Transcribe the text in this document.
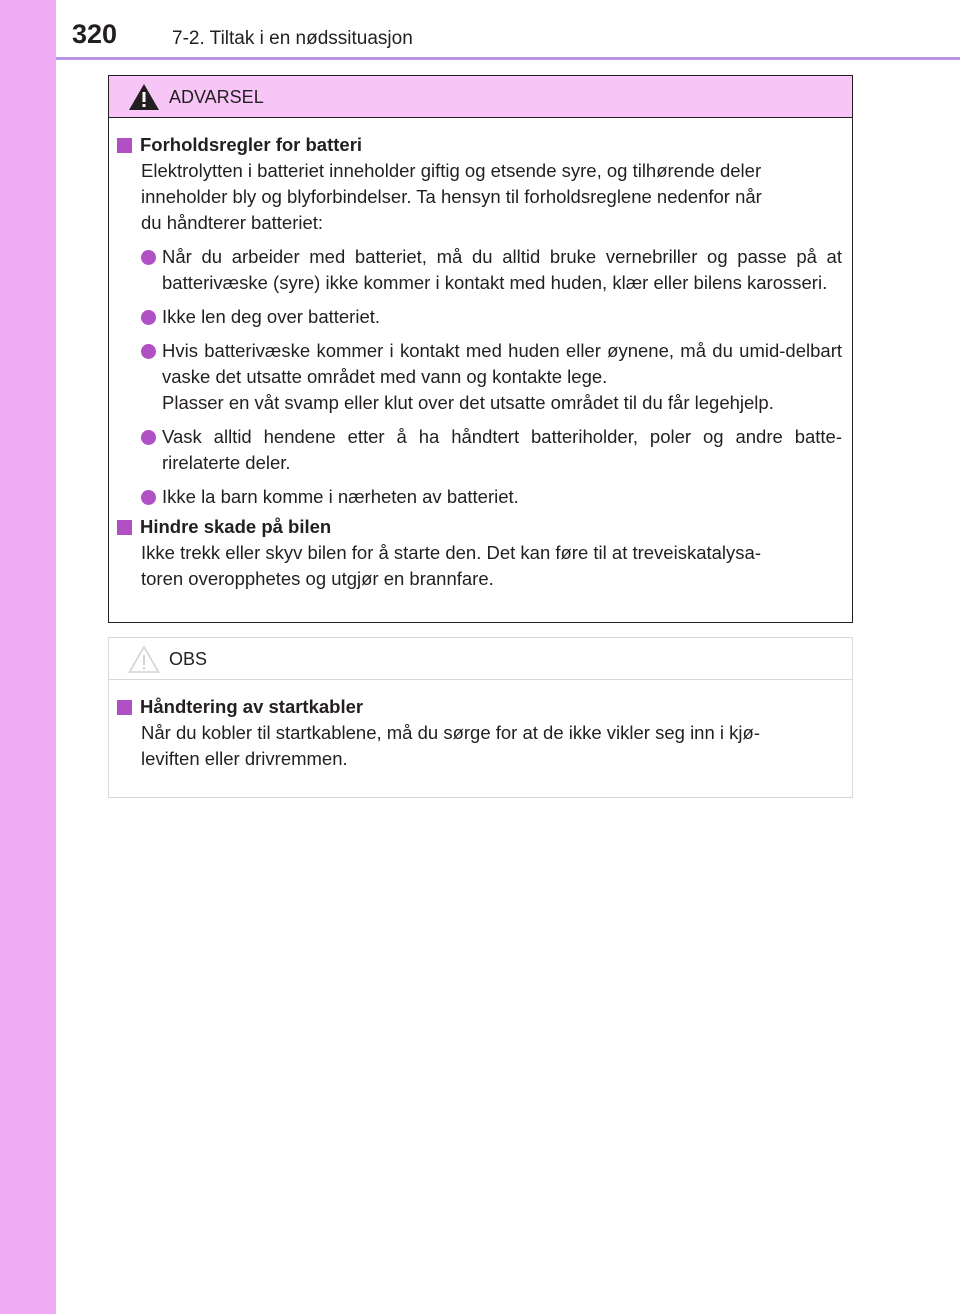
320	7-2. Tiltak i en nødssituasjon
ADVARSEL
Forholdsregler for batteri
Elektrolytten i batteriet inneholder giftig og etsende syre, og tilhørende deler
inneholder bly og blyforbindelser. Ta hensyn til forholdsreglene nedenfor når
du håndterer batteriet:
Når du arbeider med batteriet, må du alltid bruke vernebriller og passe på at batterivæske (syre) ikke kommer i kontakt med huden, klær eller bilens karosseri.
Ikke len deg over batteriet.
Hvis batterivæske kommer i kontakt med huden eller øynene, må du umid-delbart vaske det utsatte området med vann og kontakte lege.
Plasser en våt svamp eller klut over det utsatte området til du får legehjelp.
Vask alltid hendene etter å ha håndtert batteriholder, poler og andre batte-rirelaterte deler.
Ikke la barn komme i nærheten av batteriet.
Hindre skade på bilen
Ikke trekk eller skyv bilen for å starte den. Det kan føre til at treveiskatalysa-
toren overopphetes og utgjør en brannfare.
OBS
Håndtering av startkabler
Når du kobler til startkablene, må du sørge for at de ikke vikler seg inn i kjø-
leviften eller drivremmen.
